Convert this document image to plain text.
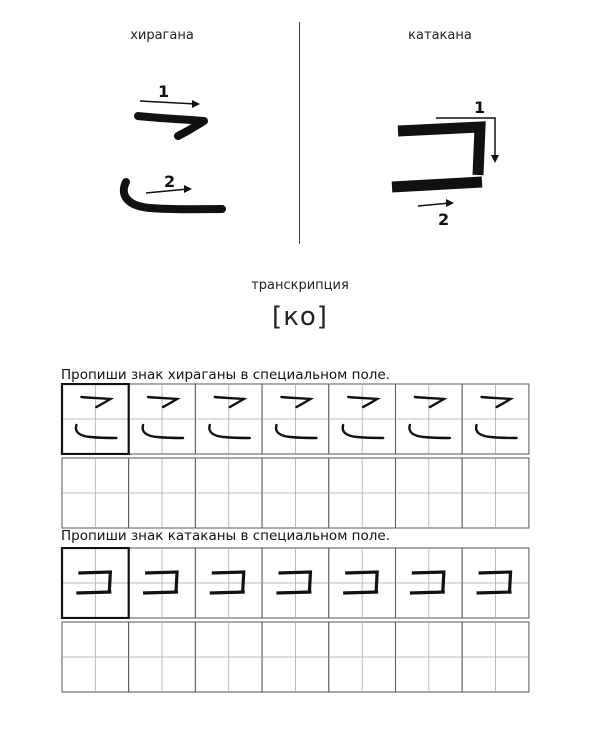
хирагана	катакана
1
2
1
2
транскрипция
[ко]
Пропиши знак хираганы в специальном поле.
Пропиши знак катаканы в специальном поле.
